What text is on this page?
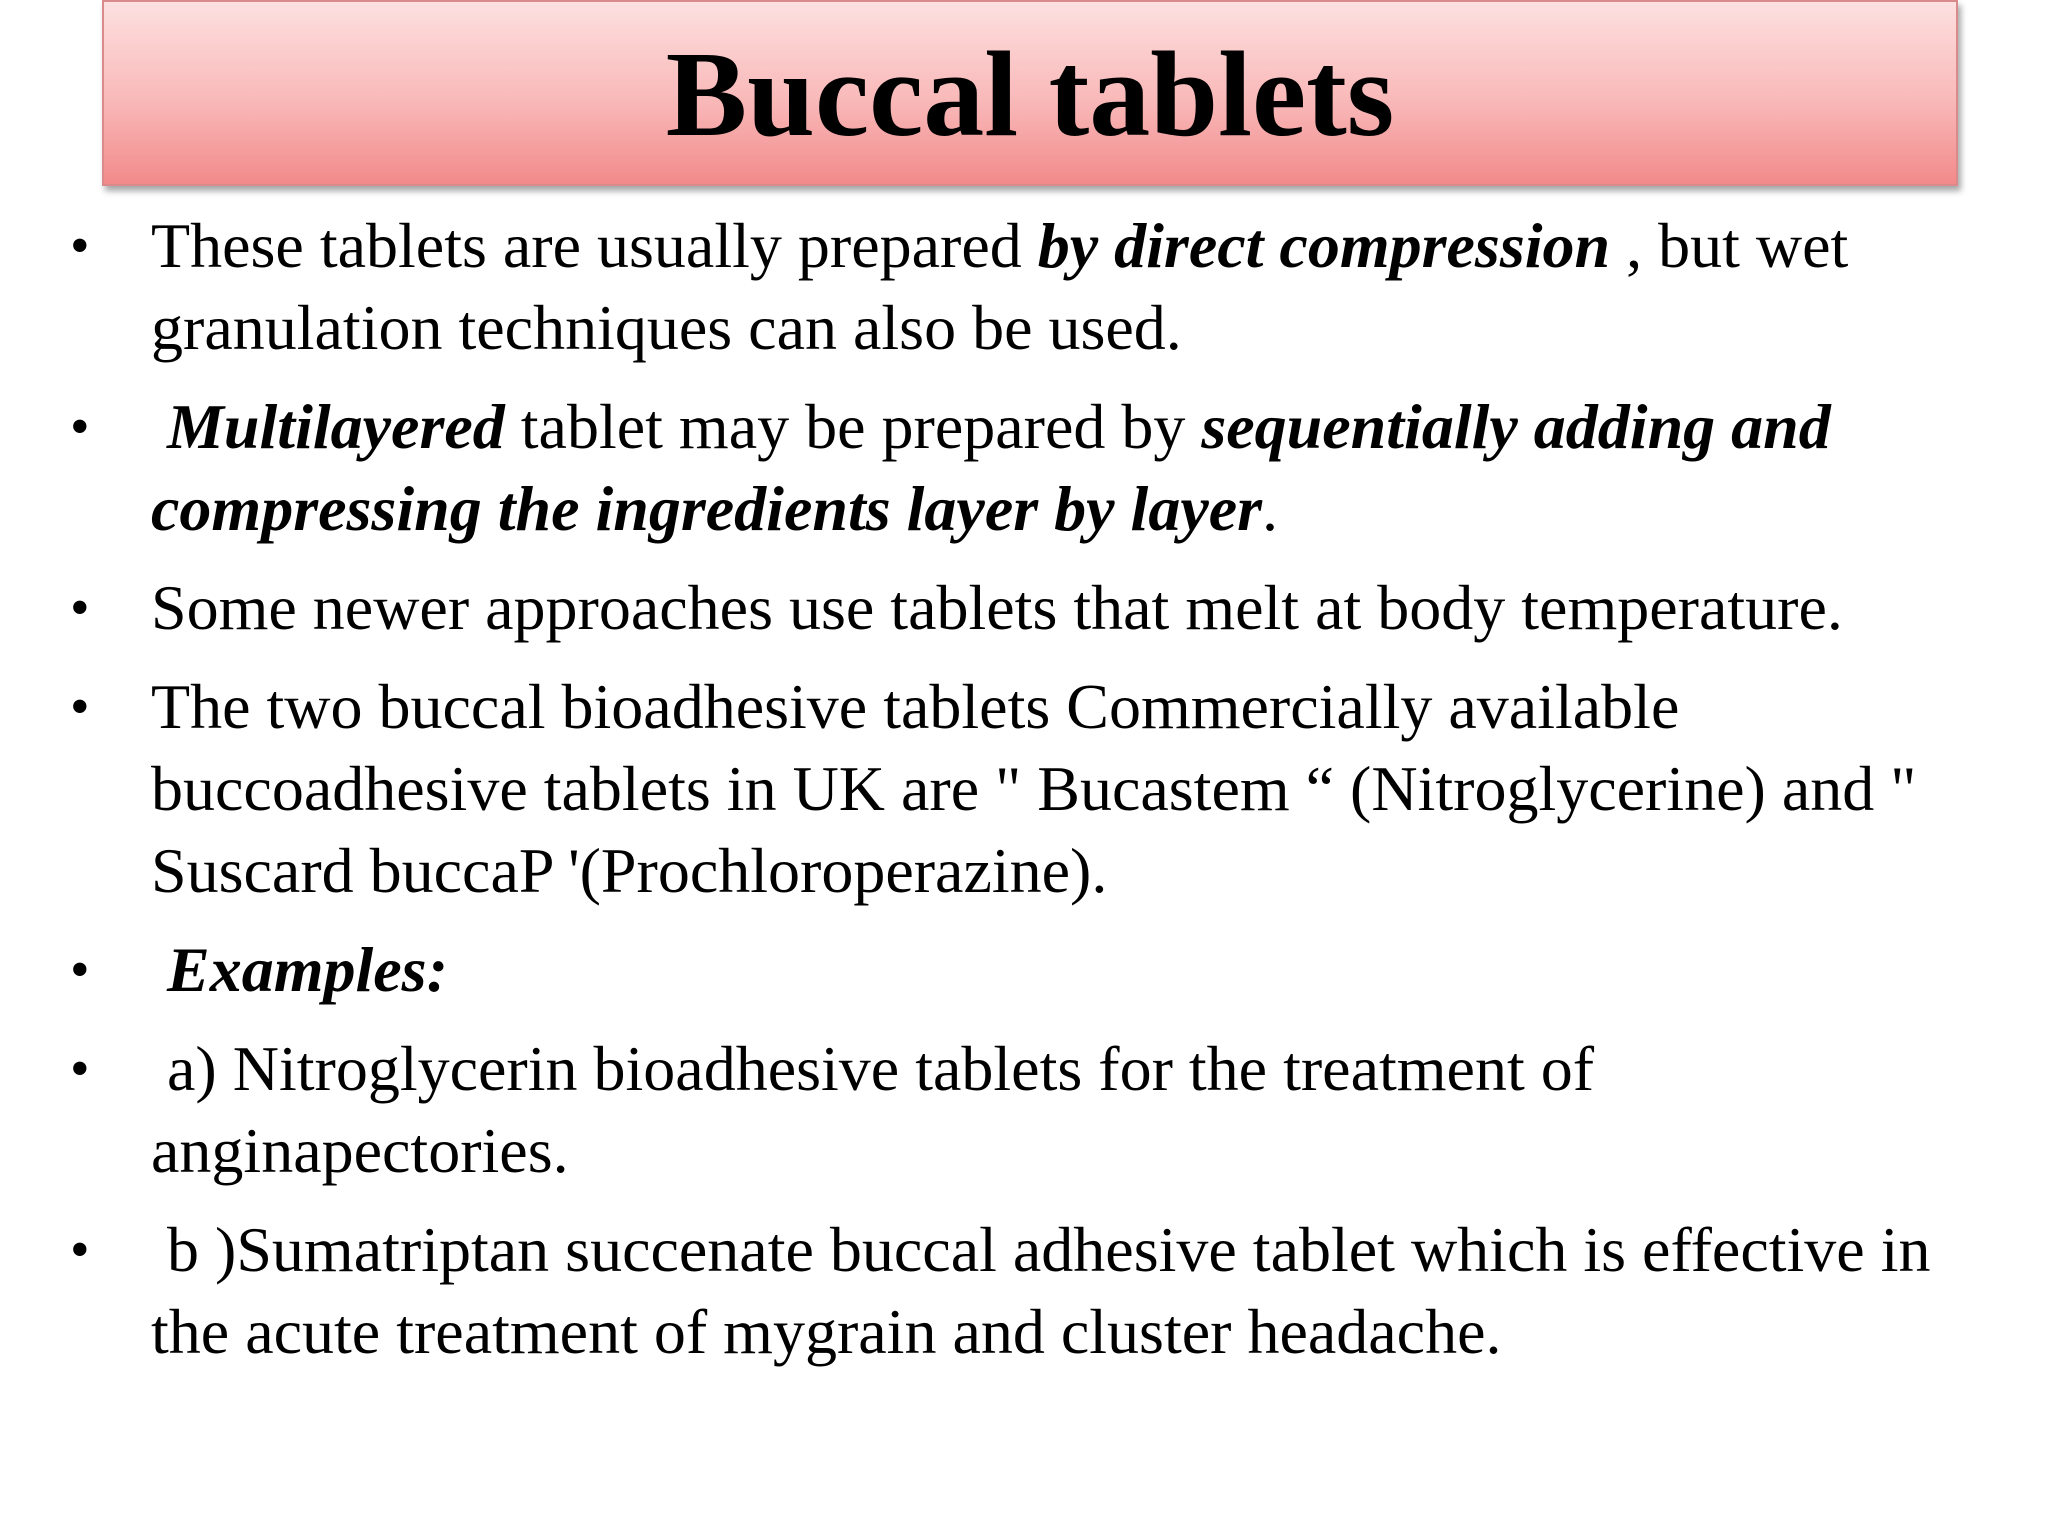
Buccal tablets
• These tablets are usually prepared by direct compression , but wet granulation techniques can also be used.
• Multilayered tablet may be prepared by sequentially adding and compressing the ingredients layer by layer.
• Some newer approaches use tablets that melt at body temperature.
• The two buccal bioadhesive tablets Commercially available buccoadhesive tablets in UK are " Bucastem “ (Nitroglycerine) and " Suscard buccaP '(Prochloroperazine).
• Examples:
• a) Nitroglycerin bioadhesive tablets for the treatment of anginapectories.
• b )Sumatriptan succenate buccal adhesive tablet which is effective in the acute treatment of mygrain and cluster headache.
